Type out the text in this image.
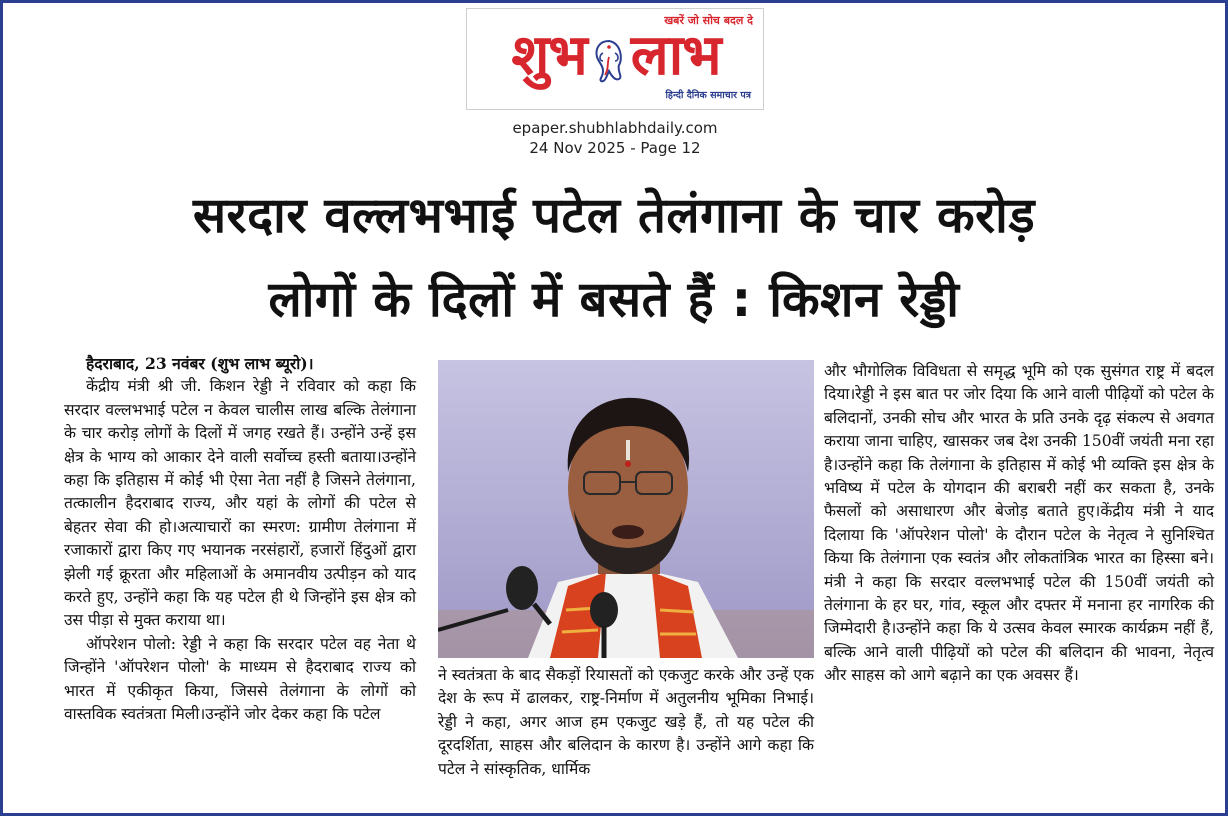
खबरें जो सोच बदल दे
शुभ लाभ
हिन्दी दैनिक समाचार पत्र
epaper.shubhlabhdaily.com
24 Nov 2025 - Page 12
सरदार वल्लभभाई पटेल तेलंगाना के चार करोड़
लोगों के दिलों में बसते हैं : किशन रेड्डी

हैदराबाद, 23 नवंबर (शुभ लाभ ब्यूरो)।

केंद्रीय मंत्री श्री जी. किशन रेड्डी ने रविवार को कहा कि सरदार वल्लभभाई पटेल न केवल चालीस लाख बल्कि तेलंगाना के चार करोड़ लोगों के दिलों में जगह रखते हैं। उन्होंने उन्हें इस क्षेत्र के भाग्य को आकार देने वाली सर्वोच्च हस्ती बताया।उन्होंने कहा कि इतिहास में कोई भी ऐसा नेता नहीं है जिसने तेलंगाना, तत्कालीन हैदराबाद राज्य, और यहां के लोगों की पटेल से बेहतर सेवा की हो।अत्याचारों का स्मरण: ग्रामीण तेलंगाना में रजाकारों द्वारा किए गए भयानक नरसंहारों, हजारों हिंदुओं द्वारा झेली गई क्रूरता और महिलाओं के अमानवीय उत्पीड़न को याद करते हुए, उन्होंने कहा कि यह पटेल ही थे जिन्होंने इस क्षेत्र को उस पीड़ा से मुक्त कराया था।

ऑपरेशन पोलो: रेड्डी ने कहा कि सरदार पटेल वह नेता थे जिन्होंने 'ऑपरेशन पोलो' के माध्यम से हैदराबाद राज्य को भारत में एकीकृत किया, जिससे तेलंगाना के लोगों को वास्तविक स्वतंत्रता मिली।उन्होंने जोर देकर कहा कि पटेल

ने स्वतंत्रता के बाद सैकड़ों रियासतों को एकजुट करके और उन्हें एक देश के रूप में ढालकर, राष्ट्र-निर्माण में अतुलनीय भूमिका निभाई।रेड्डी ने कहा, अगर आज हम एकजुट खड़े हैं, तो यह पटेल की दूरदर्शिता, साहस और बलिदान के कारण है। उन्होंने आगे कहा कि पटेल ने सांस्कृतिक, धार्मिक

और भौगोलिक विविधता से समृद्ध भूमि को एक सुसंगत राष्ट्र में बदल दिया।रेड्डी ने इस बात पर जोर दिया कि आने वाली पीढ़ियों को पटेल के बलिदानों, उनकी सोच और भारत के प्रति उनके दृढ़ संकल्प से अवगत कराया जाना चाहिए, खासकर जब देश उनकी 150वीं जयंती मना रहा है।उन्होंने कहा कि तेलंगाना के इतिहास में कोई भी व्यक्ति इस क्षेत्र के भविष्य में पटेल के योगदान की बराबरी नहीं कर सकता है, उनके फैसलों को असाधारण और बेजोड़ बताते हुए।केंद्रीय मंत्री ने याद दिलाया कि 'ऑपरेशन पोलो' के दौरान पटेल के नेतृत्व ने सुनिश्चित किया कि तेलंगाना एक स्वतंत्र और लोकतांत्रिक भारत का हिस्सा बने। मंत्री ने कहा कि सरदार वल्लभभाई पटेल की 150वीं जयंती को तेलंगाना के हर घर, गांव, स्कूल और दफ्तर में मनाना हर नागरिक की जिम्मेदारी है।उन्होंने कहा कि ये उत्सव केवल स्मारक कार्यक्रम नहीं हैं, बल्कि आने वाली पीढ़ियों को पटेल की बलिदान की भावना, नेतृत्व और साहस को आगे बढ़ाने का एक अवसर हैं।
